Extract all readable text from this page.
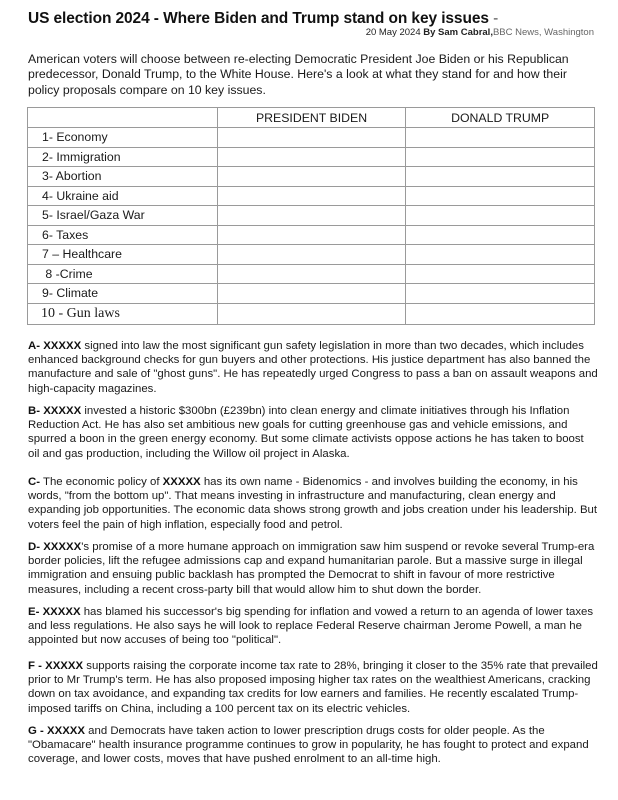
US election 2024 - Where Biden and Trump stand on key issues -
20 May 2024 By Sam Cabral,BBC News, Washington
American voters will choose between re-electing Democratic President Joe Biden or his Republican predecessor, Donald Trump, to the White House. Here's a look at what they stand for and how their policy proposals compare on 10 key issues.
	PRESIDENT BIDEN	DONALD TRUMP
1- Economy		
2- Immigration		
3- Abortion		
4- Ukraine aid		
5- Israel/Gaza War		
6- Taxes		
7 – Healthcare		
8 -Crime		
9- Climate		
10 - Gun laws		
A- XXXXX signed into law the most significant gun safety legislation in more than two decades, which includes enhanced background checks for gun buyers and other protections. His justice department has also banned the manufacture and sale of "ghost guns". He has repeatedly urged Congress to pass a ban on assault weapons and high-capacity magazines.
B- XXXXX invested a historic $300bn (£239bn) into clean energy and climate initiatives through his Inflation Reduction Act. He has also set ambitious new goals for cutting greenhouse gas and vehicle emissions, and spurred a boon in the green energy economy. But some climate activists oppose actions he has taken to boost oil and gas production, including the Willow oil project in Alaska.
C- The economic policy of XXXXX has its own name - Bidenomics - and involves building the economy, in his words, "from the bottom up". That means investing in infrastructure and manufacturing, clean energy and expanding job opportunities. The economic data shows strong growth and jobs creation under his leadership. But voters feel the pain of high inflation, especially food and petrol.
D- XXXXX's promise of a more humane approach on immigration saw him suspend or revoke several Trump-era border policies, lift the refugee admissions cap and expand humanitarian parole. But a massive surge in illegal immigration and ensuing public backlash has prompted the Democrat to shift in favour of more restrictive measures, including a recent cross-party bill that would allow him to shut down the border.
E- XXXXX has blamed his successor's big spending for inflation and vowed a return to an agenda of lower taxes and less regulations. He also says he will look to replace Federal Reserve chairman Jerome Powell, a man he appointed but now accuses of being too "political".
F - XXXXX supports raising the corporate income tax rate to 28%, bringing it closer to the 35% rate that prevailed prior to Mr Trump's term. He has also proposed imposing higher tax rates on the wealthiest Americans, cracking down on tax avoidance, and expanding tax credits for low earners and families. He recently escalated Trump-imposed tariffs on China, including a 100 percent tax on its electric vehicles.
G - XXXXX and Democrats have taken action to lower prescription drugs costs for older people. As the "Obamacare" health insurance programme continues to grow in popularity, he has fought to protect and expand coverage, and lower costs, moves that have pushed enrolment to an all-time high.
